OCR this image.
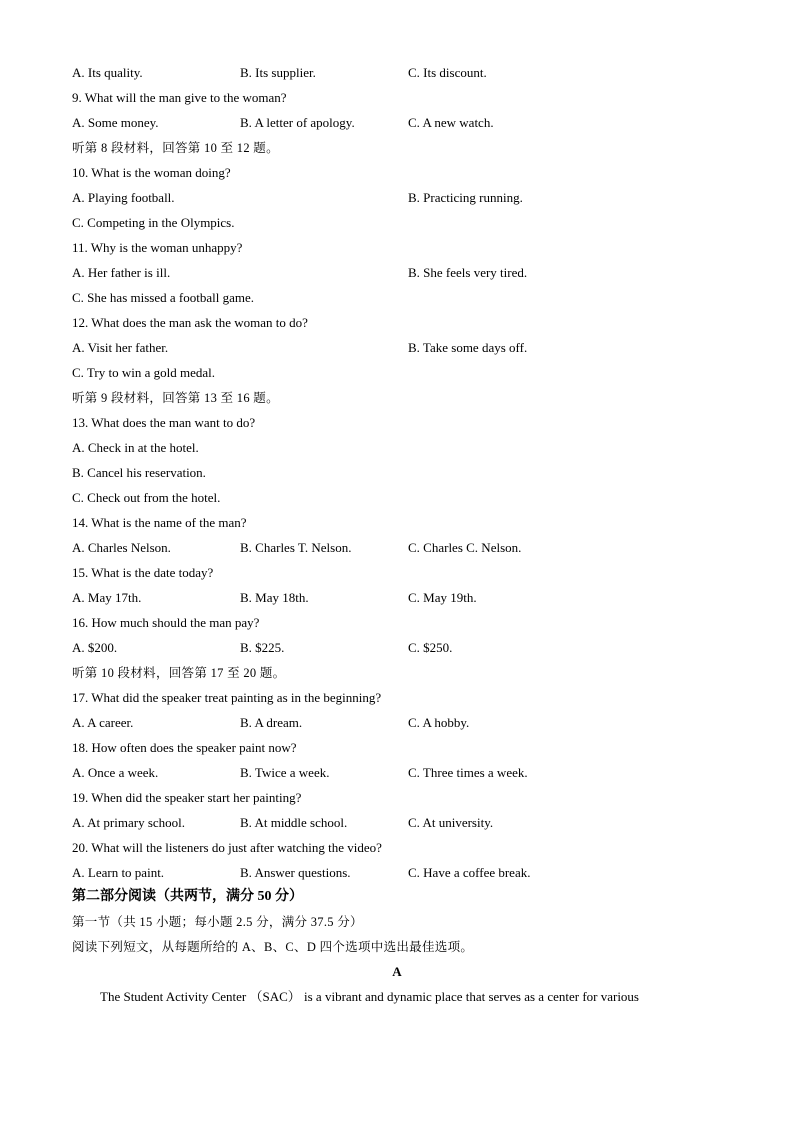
A. Its quality.	B. Its supplier.	C. Its discount.
9. What will the man give to the woman?
A. Some money.	B. A letter of apology.	C. A new watch.
听第 8 段材料，回答第 10 至 12 题。
10. What is the woman doing?
A. Playing football.	B. Practicing running.
C. Competing in the Olympics.
11. Why is the woman unhappy?
A. Her father is ill.	B. She feels very tired.
C. She has missed a football game.
12. What does the man ask the woman to do?
A. Visit her father.	B. Take some days off.
C. Try to win a gold medal.
听第 9 段材料，回答第 13 至 16 题。
13. What does the man want to do?
A. Check in at the hotel.
B. Cancel his reservation.
C. Check out from the hotel.
14. What is the name of the man?
A. Charles Nelson.	B. Charles T. Nelson.	C. Charles C. Nelson.
15. What is the date today?
A. May 17th.	B. May 18th.	C. May 19th.
16. How much should the man pay?
A. $200.	B. $225.	C. $250.
听第 10 段材料，回答第 17 至 20 题。
17. What did the speaker treat painting as in the beginning?
A. A career.	B. A dream.	C. A hobby.
18. How often does the speaker paint now?
A. Once a week.	B. Twice a week.	C. Three times a week.
19. When did the speaker start her painting?
A. At primary school.	B. At middle school.	C. At university.
20. What will the listeners do just after watching the video?
A. Learn to paint.	B. Answer questions.	C. Have a coffee break.
第二部分阅读（共两节，满分 50 分）
第一节（共 15 小题；每小题 2.5 分，满分 37.5 分）
阅读下列短文，从每题所给的 A、B、C、D 四个选项中选出最佳选项。
A
The Student Activity Center （SAC） is a vibrant and dynamic place that serves as a center for various
